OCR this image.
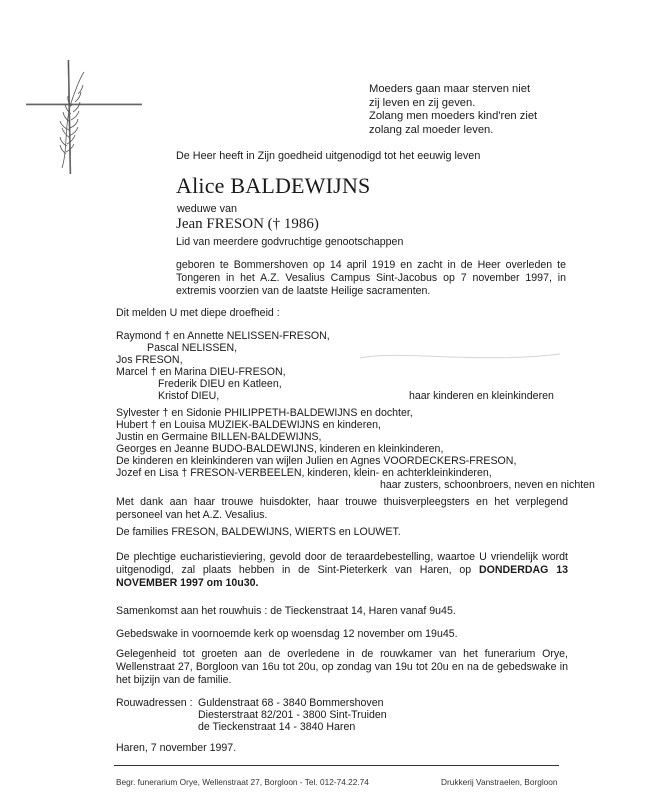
Moeders gaan maar sterven niet
zij leven en zij geven.
Zolang men moeders kind'ren ziet
zolang zal moeder leven.
De Heer heeft in Zijn goedheid uitgenodigd tot het eeuwig leven
Alice BALDEWIJNS
weduwe van
Jean FRESON († 1986)
Lid van meerdere godvruchtige genootschappen
geboren te Bommershoven op 14 april 1919 en zacht in de Heer overleden te Tongeren in het A.Z. Vesalius Campus Sint-Jacobus op 7 november 1997, in extremis voorzien van de laatste Heilige sacramenten.
Dit melden U met diepe droefheid :
Raymond † en Annette NELISSEN-FRESON,
Pascal NELISSEN,
Jos FRESON,
Marcel † en Marina DIEU-FRESON,
Frederik DIEU en Katleen,
Kristof DIEU,	haar kinderen en kleinkinderen
Sylvester † en Sidonie PHILIPPETH-BALDEWIJNS en dochter,
Hubert † en Louisa MUZIEK-BALDEWIJNS en kinderen,
Justin en Germaine BILLEN-BALDEWIJNS,
Georges en Jeanne BUDO-BALDEWIJNS, kinderen en kleinkinderen,
De kinderen en kleinkinderen van wijlen Julien en Agnes VOORDECKERS-FRESON,
Jozef en Lisa † FRESON-VERBEELEN, kinderen, klein- en achterkleinkinderen,
haar zusters, schoonbroers, neven en nichten
Met dank aan haar trouwe huisdokter, haar trouwe thuisverpleegsters en het verplegend personeel van het A.Z. Vesalius.
De families FRESON, BALDEWIJNS, WIERTS en LOUWET.
De plechtige eucharistieviering, gevold door de teraardebestelling, waartoe U vriendelijk wordt uitgenodigd, zal plaats hebben in de Sint-Pieterkerk van Haren, op DONDERDAG 13 NOVEMBER 1997 om 10u30.
Samenkomst aan het rouwhuis : de Tieckenstraat 14, Haren vanaf 9u45.
Gebedswake in voornoemde kerk op woensdag 12 november om 19u45.
Gelegenheid tot groeten aan de overledene in de rouwkamer van het funerarium Orye, Wellenstraat 27, Borgloon van 16u tot 20u, op zondag van 19u tot 20u en na de gebedswake in het bijzijn van de familie.
Rouwadressen : Guldenstraat 68 - 3840 Bommershoven
Diesterstraat 82/201 - 3800 Sint-Truiden
de Tieckenstraat 14 - 3840 Haren
Haren, 7 november 1997.
Begr. funerarium Orye, Wellenstraat 27, Borgloon - Tel. 012-74.22.74	Drukkerij Vanstraelen, Borgloon
